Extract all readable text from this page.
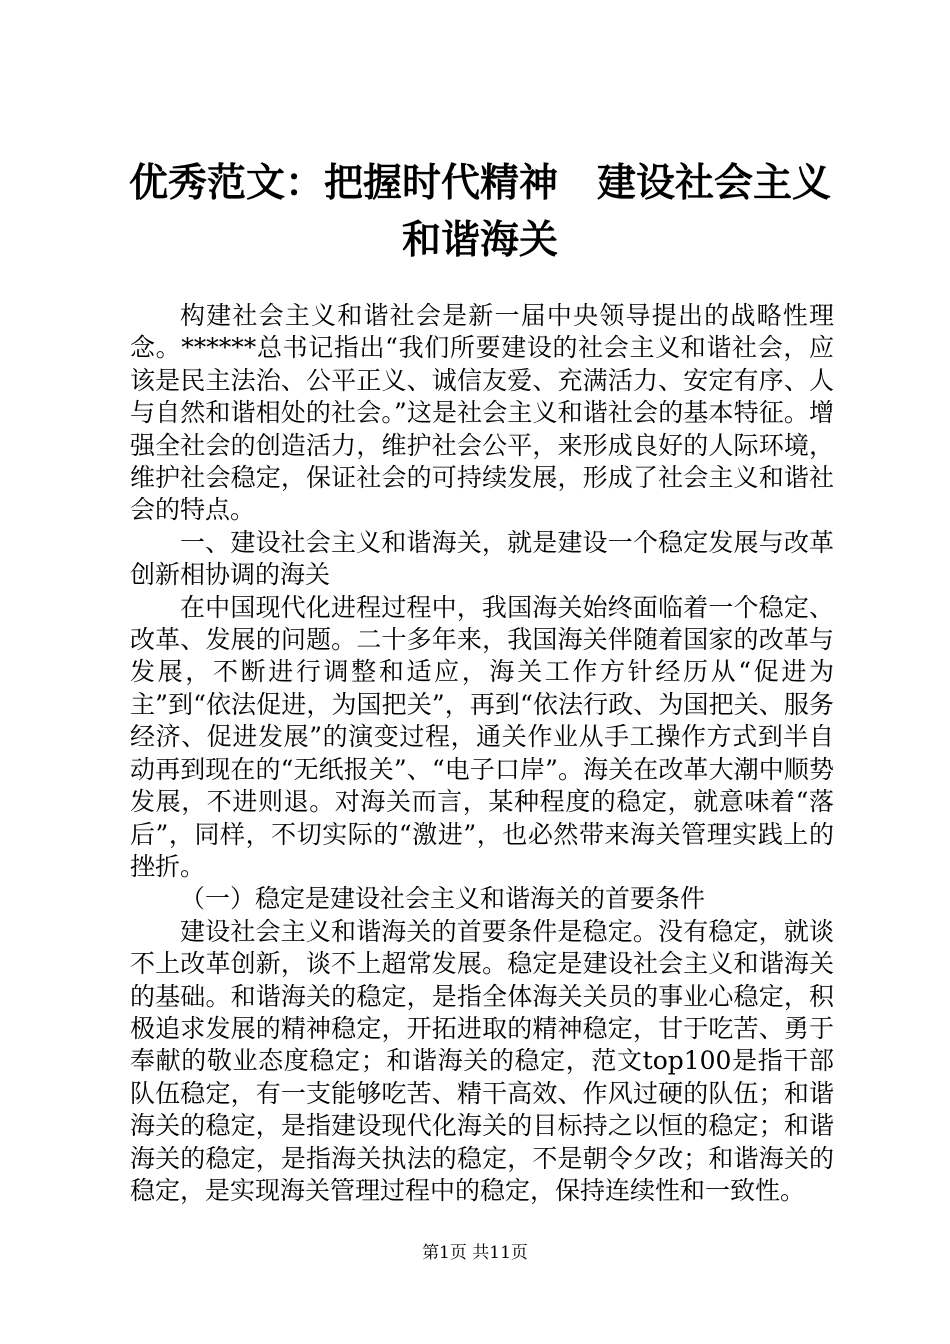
优秀范文：把握时代精神　建设社会主义和谐海关

构建社会主义和谐社会是新一届中央领导提出的战略性理念。******总书记指出“我们所要建设的社会主义和谐社会，应该是民主法治、公平正义、诚信友爱、充满活力、安定有序、人与自然和谐相处的社会。”这是社会主义和谐社会的基本特征。增强全社会的创造活力，维护社会公平，来形成良好的人际环境，维护社会稳定，保证社会的可持续发展，形成了社会主义和谐社会的特点。

一、建设社会主义和谐海关，就是建设一个稳定发展与改革创新相协调的海关

在中国现代化进程过程中，我国海关始终面临着一个稳定、改革、发展的问题。二十多年来，我国海关伴随着国家的改革与发展，不断进行调整和适应，海关工作方针经历从“促进为主”到“依法促进，为国把关”，再到“依法行政、为国把关、服务经济、促进发展”的演变过程，通关作业从手工操作方式到半自动再到现在的“无纸报关”、“电子口岸”。海关在改革大潮中顺势发展，不进则退。对海关而言，某种程度的稳定，就意味着“落后”，同样，不切实际的“激进”，也必然带来海关管理实践上的挫折。

（一）稳定是建设社会主义和谐海关的首要条件

建设社会主义和谐海关的首要条件是稳定。没有稳定，就谈不上改革创新，谈不上超常发展。稳定是建设社会主义和谐海关的基础。和谐海关的稳定，是指全体海关关员的事业心稳定，积极追求发展的精神稳定，开拓进取的精神稳定，甘于吃苦、勇于奉献的敬业态度稳定；和谐海关的稳定，范文top100是指干部队伍稳定，有一支能够吃苦、精干高效、作风过硬的队伍；和谐海关的稳定，是指建设现代化海关的目标持之以恒的稳定；和谐海关的稳定，是指海关执法的稳定，不是朝令夕改；和谐海关的稳定，是实现海关管理过程中的稳定，保持连续性和一致性。

第1页 共11页
